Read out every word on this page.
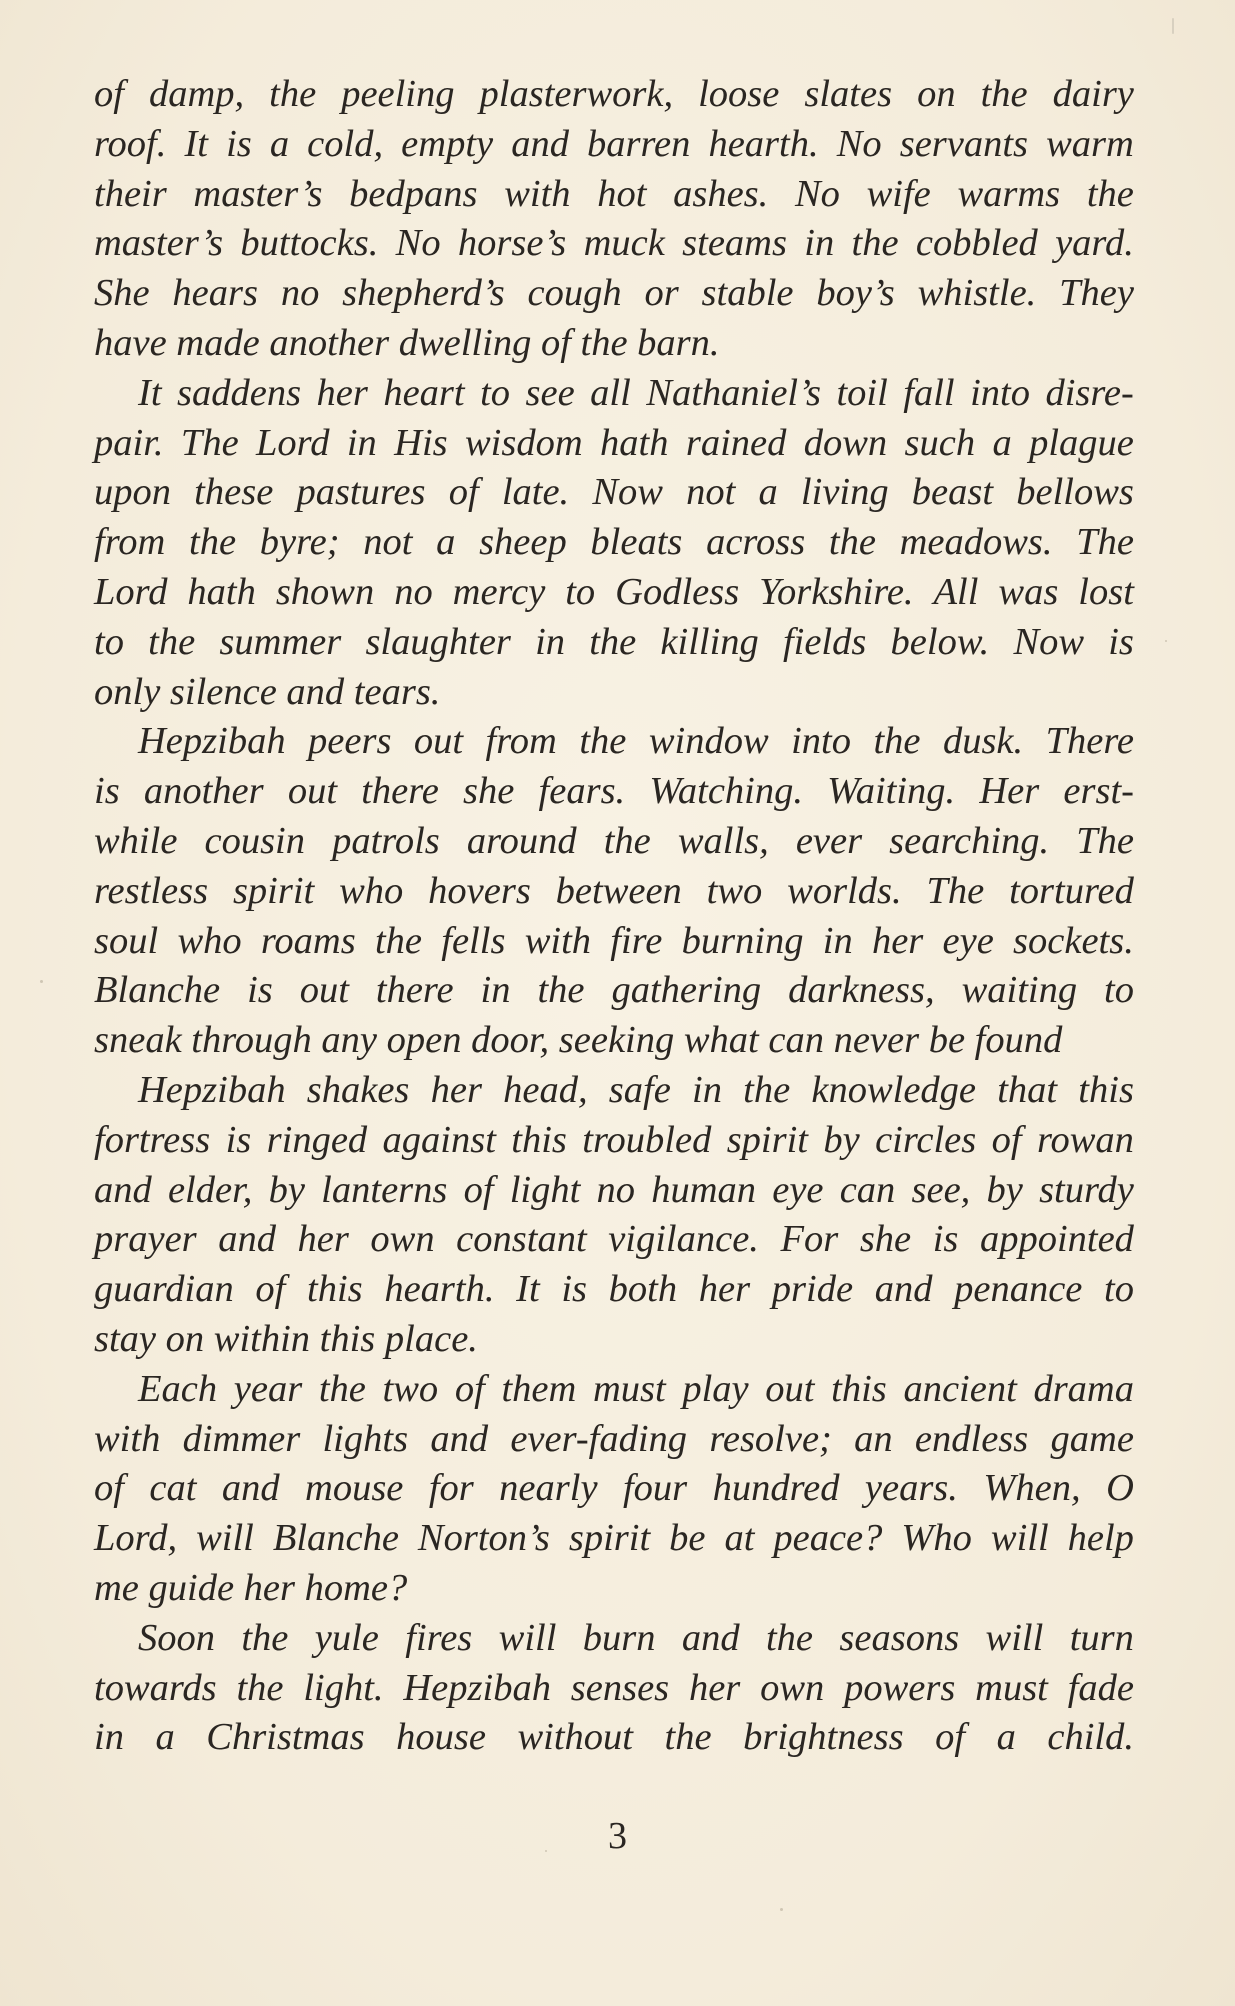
of damp, the peeling plasterwork, loose slates on the dairy
roof. It is a cold, empty and barren hearth. No servants warm
their master’s bedpans with hot ashes. No wife warms the
master’s buttocks. No horse’s muck steams in the cobbled yard.
She hears no shepherd’s cough or stable boy’s whistle. They
have made another dwelling of the barn.
It saddens her heart to see all Nathaniel’s toil fall into disre-
pair. The Lord in His wisdom hath rained down such a plague
upon these pastures of late. Now not a living beast bellows
from the byre; not a sheep bleats across the meadows. The
Lord hath shown no mercy to Godless Yorkshire. All was lost
to the summer slaughter in the killing fields below. Now is
only silence and tears.
Hepzibah peers out from the window into the dusk. There
is another out there she fears. Watching. Waiting. Her erst-
while cousin patrols around the walls, ever searching. The
restless spirit who hovers between two worlds. The tortured
soul who roams the fells with fire burning in her eye sockets.
Blanche is out there in the gathering darkness, waiting to
sneak through any open door, seeking what can never be found
Hepzibah shakes her head, safe in the knowledge that this
fortress is ringed against this troubled spirit by circles of rowan
and elder, by lanterns of light no human eye can see, by sturdy
prayer and her own constant vigilance. For she is appointed
guardian of this hearth. It is both her pride and penance to
stay on within this place.
Each year the two of them must play out this ancient drama
with dimmer lights and ever-fading resolve; an endless game
of cat and mouse for nearly four hundred years. When, O
Lord, will Blanche Norton’s spirit be at peace? Who will help
me guide her home?
Soon the yule fires will burn and the seasons will turn
towards the light. Hepzibah senses her own powers must fade
in a Christmas house without the brightness of a child.
3
